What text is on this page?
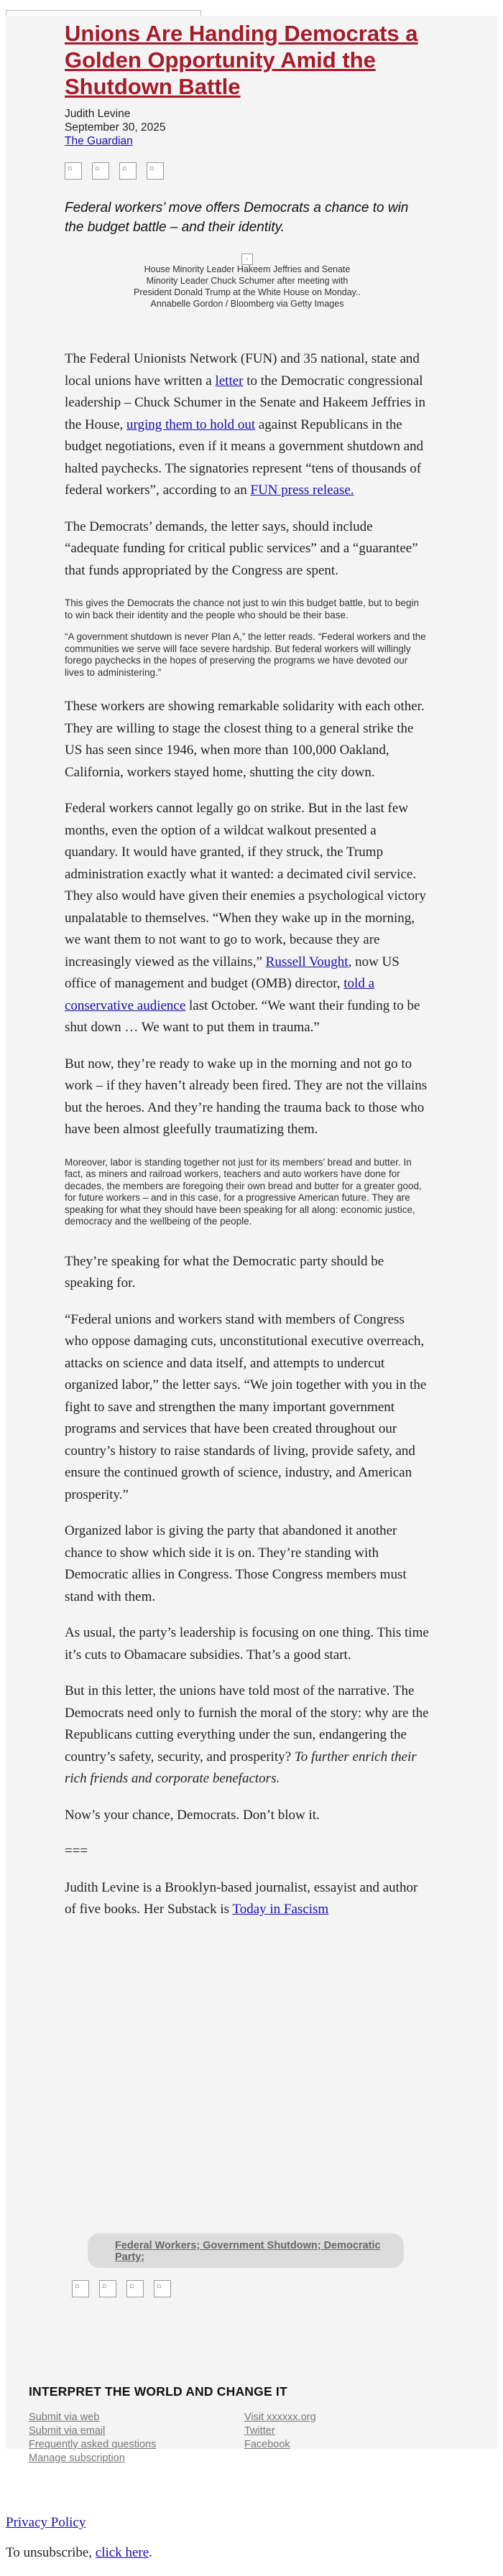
Unions Are Handing Democrats a Golden Opportunity Amid the Shutdown Battle
Judith Levine
September 30, 2025
The Guardian
▫
	▫
	▫
	▫

Federal workers’ move offers Democrats a chance to win the budget battle – and their identity.

▫
House Minority Leader Hakeem Jeffries and Senate Minority Leader Chuck Schumer after meeting with President Donald Trump at the White House on Monday.. Annabelle Gordon / Bloomberg via Getty Images

The Federal Unionists Network (FUN) and 35 national, state and local unions have written a letter to the Democratic congressional leadership – Chuck Schumer in the Senate and Hakeem Jeffries in the House, urging them to hold out against Republicans in the budget negotiations, even if it means a government shutdown and halted paychecks. The signatories represent “tens of thousands of federal workers”, according to an FUN press release.

The Democrats’ demands, the letter says, should include “adequate funding for critical public services” and a “guarantee” that funds appropriated by the Congress are spent.

This gives the Democrats the chance not just to win this budget battle, but to begin to win back their identity and the people who should be their base.

“A government shutdown is never Plan A,” the letter reads. “Federal workers and the communities we serve will face severe hardship. But federal workers will willingly forego paychecks in the hopes of preserving the programs we have devoted our lives to administering.”

These workers are showing remarkable solidarity with each other. They are willing to stage the closest thing to a general strike the US has seen since 1946, when more than 100,000 Oakland, California, workers stayed home, shutting the city down.

Federal workers cannot legally go on strike. But in the last few months, even the option of a wildcat walkout presented a quandary. It would have granted, if they struck, the Trump administration exactly what it wanted: a decimated civil service. They also would have given their enemies a psychological victory unpalatable to themselves. “When they wake up in the morning, we want them to not want to go to work, because they are increasingly viewed as the villains,” Russell Vought, now US office of management and budget (OMB) director, told a conservative audience last October. “We want their funding to be shut down … We want to put them in trauma.”

But now, they’re ready to wake up in the morning and not go to work – if they haven’t already been fired. They are not the villains but the heroes. And they’re handing the trauma back to those who have been almost gleefully traumatizing them.

Moreover, labor is standing together not just for its members’ bread and butter. In fact, as miners and railroad workers, teachers and auto workers have done for decades, the members are foregoing their own bread and butter for a greater good, for future workers – and in this case, for a progressive American future. They are speaking for what they should have been speaking for all along: economic justice, democracy and the wellbeing of the people.

They’re speaking for what the Democratic party should be speaking for.

“Federal unions and workers stand with members of Congress who oppose damaging cuts, unconstitutional executive overreach, attacks on science and data itself, and attempts to undercut organized labor,” the letter says. “We join together with you in the fight to save and strengthen the many important government programs and services that have been created throughout our country’s history to raise standards of living, provide safety, and ensure the continued growth of science, industry, and American prosperity.”

Organized labor is giving the party that abandoned it another chance to show which side it is on. They’re standing with Democratic allies in Congress. Those Congress members must stand with them.

As usual, the party’s leadership is focusing on one thing. This time it’s cuts to Obamacare subsidies. That’s a good start.

But in this letter, the unions have told most of the narrative. The Democrats need only to furnish the moral of the story: why are the Republicans cutting everything under the sun, endangering the country’s safety, security, and prosperity? To further enrich their rich friends and corporate benefactors.

Now’s your chance, Democrats. Don’t blow it.

===

Judith Levine is a Brooklyn-based journalist, essayist and author of five books. Her Substack is Today in Fascism

Federal Workers; Government Shutdown; Democratic Party;
▫
	▫
	▫
	▫
INTERPRET THE WORLD AND CHANGE IT
Submit via web
Submit via email
Frequently asked questions
Manage subscription
Visit xxxxxx.org
Twitter
Facebook
Privacy Policy
To unsubscribe, click here.
